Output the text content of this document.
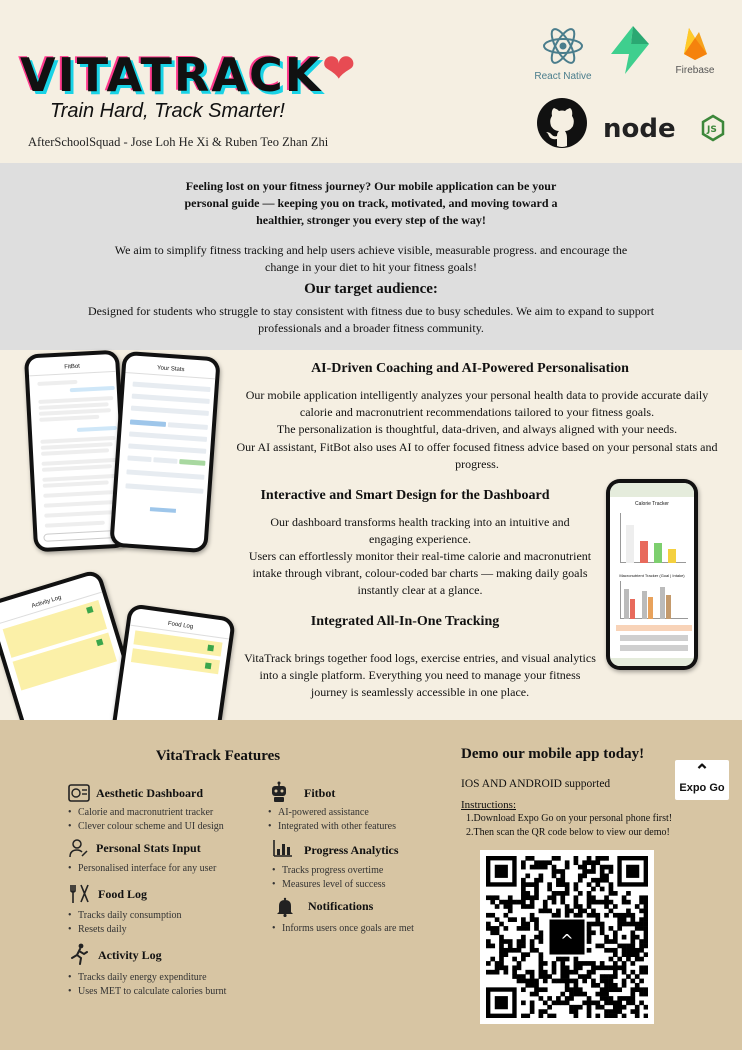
VITATRACK ❤
Train Hard, Track Smarter!
AfterSchoolSquad - Jose Loh He Xi & Ruben Teo Zhan Zhi
React Native
Firebase
node	JS
Feeling lost on your fitness journey? Our mobile application can be your personal guide — keeping you on track, motivated, and moving toward a healthier, stronger you every step of the way!
We aim to simplify fitness tracking and help users achieve visible, measurable progress. and encourage the change in your diet to hit your fitness goals!
Our target audience:
Designed for students who struggle to stay consistent with fitness due to busy schedules. We aim to expand to support professionals and a broader fitness community.
AI-Driven Coaching and AI-Powered Personalisation
Our mobile application intelligently analyzes your personal health data to provide accurate daily calorie and macronutrient recommendations tailored to your fitness goals.
The personalization is thoughtful, data-driven, and always aligned with your needs.
Our AI assistant, FitBot also uses AI to offer focused fitness advice based on your personal stats and progress.
Interactive and Smart Design for the Dashboard
Our dashboard transforms health tracking into an intuitive and engaging experience.
Users can effortlessly monitor their real-time calorie and macronutrient intake through vibrant, colour-coded bar charts — making daily goals instantly clear at a glance.
Integrated All-In-One Tracking
VitaTrack brings together food logs, exercise entries, and visual analytics into a single platform. Everything you need to manage your fitness journey is seamlessly accessible in one place.
FitBot	Your Stats
Calorie Tracker
Macronutrient Tracker (Goal | Intake)
Activity Log
Food Log
VitaTrack Features
Aesthetic Dashboard
• Calorie and macronutrient tracker
• Clever colour scheme and UI design
Personal Stats Input
• Personalised interface for any user
Food Log
• Tracks daily consumption
• Resets daily
Activity Log
• Tracks daily energy expenditure
• Uses MET to calculate calories burnt
Fitbot
• AI-powered assistance
• Integrated with other features
Progress Analytics
• Tracks progress overtime
• Measures level of success
Notifications
• Informs users once goals are met
Demo our mobile app today!
IOS AND ANDROID supported
⌃
Expo Go
Instructions:
1.Download Expo Go on your personal phone first!
2.Then scan the QR code below to view our demo!
^
